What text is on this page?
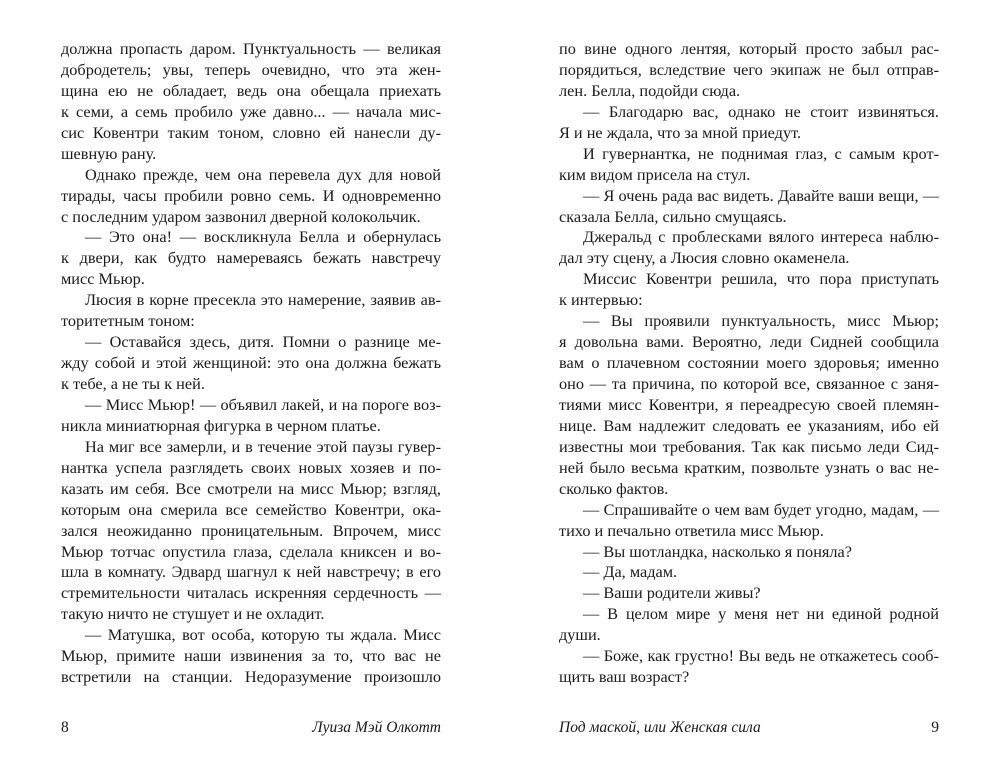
должна пропасть даром. Пунктуальность — великая
добродетель; увы, теперь очевидно, что эта жен-
щина ею не обладает, ведь она обещала приехать
к семи, а семь пробило уже давно... — начала мис-
сис Ковентри таким тоном, словно ей нанесли ду-
шевную рану.
Однако прежде, чем она перевела дух для новой
тирады, часы пробили ровно семь. И одновременно
с последним ударом зазвонил дверной колокольчик.
— Это она! — воскликнула Белла и обернулась
к двери, как будто намереваясь бежать навстречу
мисс Мьюр.
Люсия в корне пресекла это намерение, заявив ав-
торитетным тоном:
— Оставайся здесь, дитя. Помни о разнице ме-
жду собой и этой женщиной: это она должна бежать
к тебе, а не ты к ней.
— Мисс Мьюр! — объявил лакей, и на пороге воз-
никла миниатюрная фигурка в черном платье.
На миг все замерли, и в течение этой паузы гувер-
нантка успела разглядеть своих новых хозяев и по-
казать им себя. Все смотрели на мисс Мьюр; взгляд,
которым она смерила все семейство Ковентри, ока-
зался неожиданно проницательным. Впрочем, мисс
Мьюр тотчас опустила глаза, сделала книксен и во-
шла в комнату. Эдвард шагнул к ней навстречу; в его
стремительности читалась искренняя сердечность —
такую ничто не стушует и не охладит.
— Матушка, вот особа, которую ты ждала. Мисс
Мьюр, примите наши извинения за то, что вас не
встретили на станции. Недоразумение произошло
8	Луиза Мэй Олкотт
по вине одного лентяя, который просто забыл рас-
порядиться, вследствие чего экипаж не был отправ-
лен. Белла, подойди сюда.
— Благодарю вас, однако не стоит извиняться.
Я и не ждала, что за мной приедут.
И гувернантка, не поднимая глаз, с самым крот-
ким видом присела на стул.
— Я очень рада вас видеть. Давайте ваши вещи, —
сказала Белла, сильно смущаясь.
Джеральд с проблесками вялого интереса наблю-
дал эту сцену, а Люсия словно окаменела.
Миссис Ковентри решила, что пора приступать
к интервью:
— Вы проявили пунктуальность, мисс Мьюр;
я довольна вами. Вероятно, леди Сидней сообщила
вам о плачевном состоянии моего здоровья; именно
оно — та причина, по которой все, связанное с заня-
тиями мисс Ковентри, я переадресую своей племян-
нице. Вам надлежит следовать ее указаниям, ибо ей
известны мои требования. Так как письмо леди Сид-
ней было весьма кратким, позвольте узнать о вас не-
сколько фактов.
— Спрашивайте о чем вам будет угодно, мадам, —
тихо и печально ответила мисс Мьюр.
— Вы шотландка, насколько я поняла?
— Да, мадам.
— Ваши родители живы?
— В целом мире у меня нет ни единой родной
души.
— Боже, как грустно! Вы ведь не откажетесь сооб-
щить ваш возраст?
Под маской, или Женская сила	9
